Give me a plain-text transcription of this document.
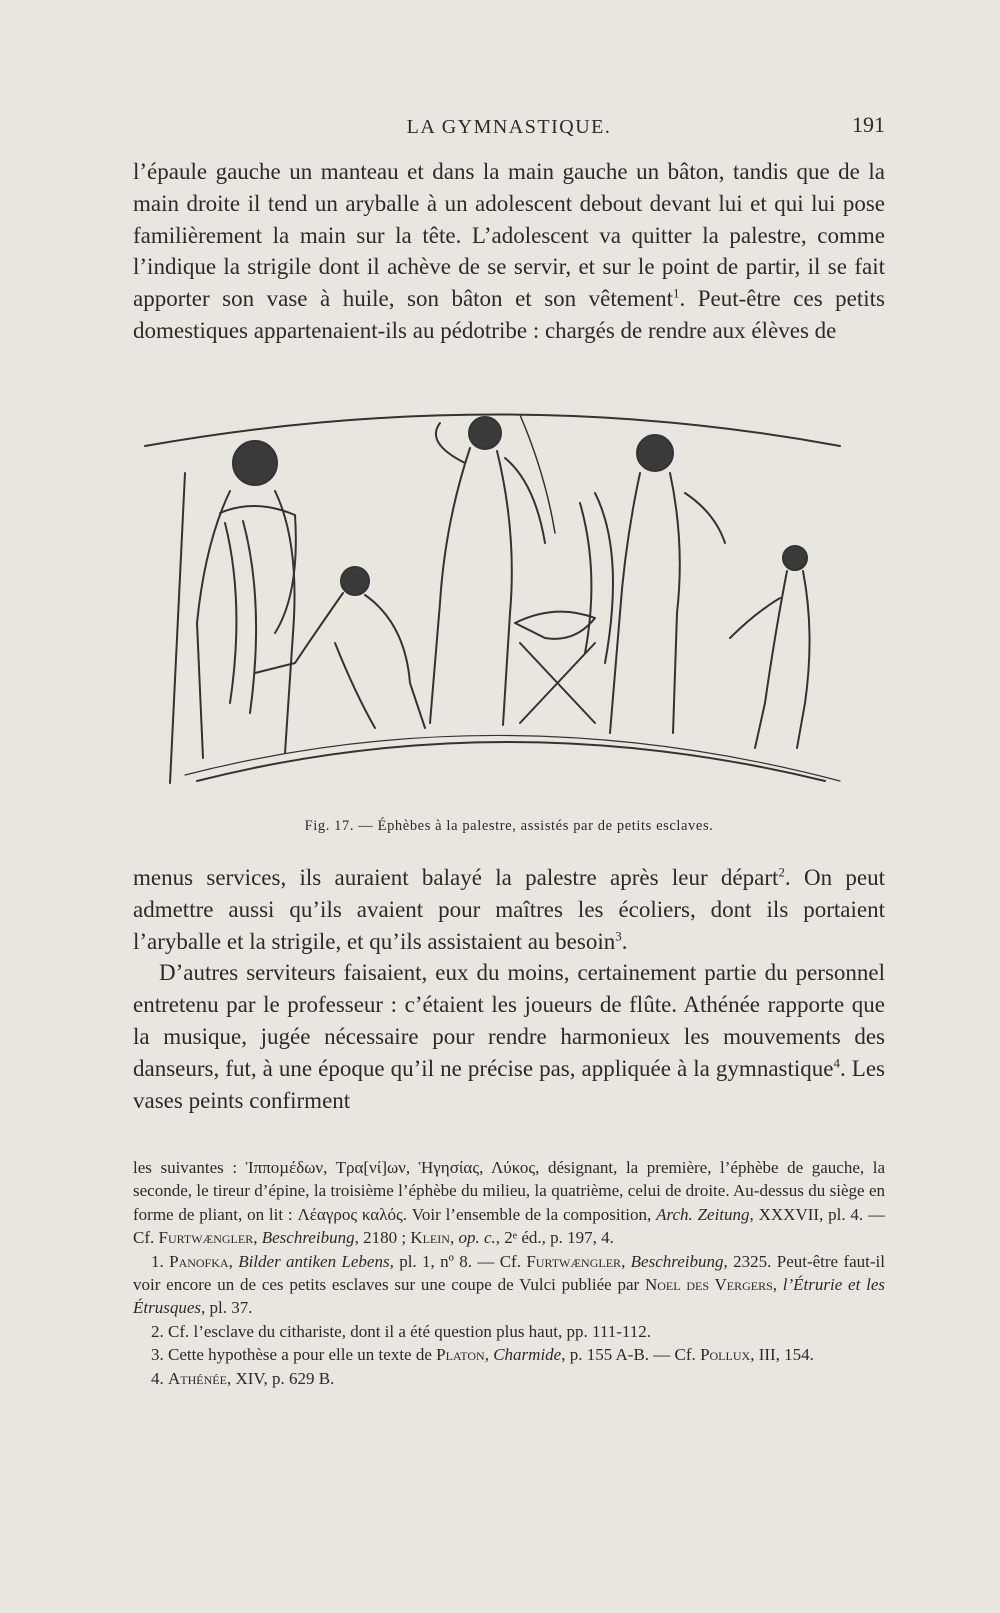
LA GYMNASTIQUE.	191

l’épaule gauche un manteau et dans la main gauche un bâton, tandis que de la main droite il tend un aryballe à un adolescent debout devant lui et qui lui pose familièrement la main sur la tête. L’adolescent va quitter la palestre, comme l’indique la strigile dont il achève de se servir, et sur le point de partir, il se fait apporter son vase à huile, son bâton et son vêtement$^1$. Peut-être ces petits domestiques appartenaient-ils au pédotribe : chargés de rendre aux élèves de

Fig. 17. — Éphèbes à la palestre, assistés par de petits esclaves.

menus services, ils auraient balayé la palestre après leur départ$^2$. On peut admettre aussi qu’ils avaient pour maîtres les écoliers, dont ils portaient l’aryballe et la strigile, et qu’ils assistaient au besoin$^3$.

D’autres serviteurs faisaient, eux du moins, certainement partie du personnel entretenu par le professeur : c’étaient les joueurs de flûte. Athénée rapporte que la musique, jugée nécessaire pour rendre harmonieux les mouvements des danseurs, fut, à une époque qu’il ne précise pas, appliquée à la gymnastique$^4$. Les vases peints confirment

les suivantes : Ἱπποµέδων, Τρα[νί]ων, Ἡγησίας, Λύκος, désignant, la première, l’éphèbe de gauche, la seconde, le tireur d’épine, la troisième l’éphèbe du milieu, la quatrième, celui de droite. Au-dessus du siège en forme de pliant, on lit : Λέαγρος καλός. Voir l’ensemble de la composition, Arch. Zeitung, XXXVII, pl. 4. — Cf. Furtwængler, Beschreibung, 2180 ; Klein, op. c., 2ᵉ éd., p. 197, 4.

1. Panofka, Bilder antiken Lebens, pl. 1, nº 8. — Cf. Furtwængler, Beschreibung, 2325. Peut-être faut-il voir encore un de ces petits esclaves sur une coupe de Vulci publiée par Noel des Vergers, l’Étrurie et les Étrusques, pl. 37.

2. Cf. l’esclave du cithariste, dont il a été question plus haut, pp. 111-112.

3. Cette hypothèse a pour elle un texte de Platon, Charmide, p. 155 A-B. — Cf. Pollux, III, 154.

4. Athénée, XIV, p. 629 B.
